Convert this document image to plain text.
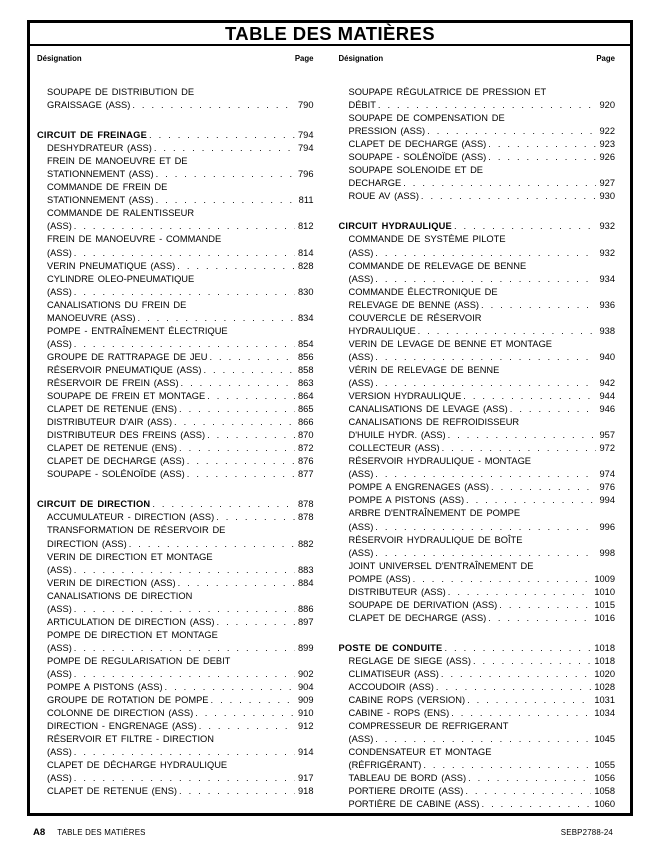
TABLE DES MATIÈRES
Désignation	Page
SOUPAPE DE DISTRIBUTION DE
GRAISSAGE (ASS) . . .	790
CIRCUIT DE FREINAGE . . .	794
DESHYDRATEUR (ASS) . . .	794
FREIN DE MANOEUVRE ET DE
STATIONNEMENT (ASS) . . .	796
COMMANDE DE FREIN DE
STATIONNEMENT (ASS) . . .	811
COMMANDE DE RALENTISSEUR
(ASS) . . .	812
FREIN DE MANOEUVRE - COMMANDE
(ASS) . . .	814
VERIN PNEUMATIQUE (ASS) . . .	828
CYLINDRE OLEO-PNEUMATIQUE
(ASS) . . .	830
CANALISATIONS DU FREIN DE
MANOEUVRE (ASS) . . .	834
POMPE - ENTRAÎNEMENT ÉLECTRIQUE
(ASS) . . .	854
GROUPE DE RATTRAPAGE DE JEU . . .	856
RÉSERVOIR PNEUMATIQUE (ASS) . . .	858
RÉSERVOIR DE FREIN (ASS) . . .	863
SOUPAPE DE FREIN ET MONTAGE . . .	864
CLAPET DE RETENUE (ENS) . . .	865
DISTRIBUTEUR D'AIR (ASS) . . .	866
DISTRIBUTEUR DES FREINS (ASS) . . .	870
CLAPET DE RETENUE (ENS) . . .	872
CLAPET DE DECHARGE (ASS) . . .	876
SOUPAPE - SOLÉNOÏDE (ASS) . . .	877
CIRCUIT DE DIRECTION . . .	878
ACCUMULATEUR - DIRECTION (ASS) . . .	878
TRANSFORMATION DE RÉSERVOIR DE
DIRECTION (ASS) . . .	882
VERIN DE DIRECTION ET MONTAGE
(ASS) . . .	883
VERIN DE DIRECTION (ASS) . . .	884
CANALISATIONS DE DIRECTION
(ASS) . . .	886
ARTICULATION DE DIRECTION (ASS) . . .	897
POMPE DE DIRECTION ET MONTAGE
(ASS) . . .	899
POMPE DE REGULARISATION DE DEBIT
(ASS) . . .	902
POMPE A PISTONS (ASS) . . .	904
GROUPE DE ROTATION DE POMPE . . .	909
COLONNE DE DIRECTION (ASS) . . .	910
DIRECTION - ENGRENAGE (ASS) . . .	912
RÉSERVOIR ET FILTRE - DIRECTION
(ASS) . . .	914
CLAPET DE DÉCHARGE HYDRAULIQUE
(ASS) . . .	917
CLAPET DE RETENUE (ENS) . . .	918
Désignation	Page
SOUPAPE RÉGULATRICE DE PRESSION ET
DÉBIT . . .	920
SOUPAPE DE COMPENSATION DE
PRESSION (ASS) . . .	922
CLAPET DE DECHARGE (ASS) . . .	923
SOUPAPE - SOLÉNOÏDE (ASS) . . .	926
SOUPAPE SOLENOIDE ET DE
DECHARGE . . .	927
ROUE AV (ASS) . . .	930
CIRCUIT HYDRAULIQUE . . .	932
COMMANDE DE SYSTÈME PILOTE
(ASS) . . .	932
COMMANDE DE RELEVAGE DE BENNE
(ASS) . . .	934
COMMANDE ÉLECTRONIQUE DE
RELEVAGE DE BENNE (ASS) . . .	936
COUVERCLE DE RÉSERVOIR
HYDRAULIQUE . . .	938
VERIN DE LEVAGE DE BENNE ET MONTAGE
(ASS) . . .	940
VÉRIN DE RELEVAGE DE BENNE
(ASS) . . .	942
VERSION HYDRAULIQUE . . .	944
CANALISATIONS DE LEVAGE (ASS) . . .	946
CANALISATIONS DE REFROIDISSEUR
D'HUILE HYDR. (ASS) . . .	957
COLLECTEUR (ASS) . . .	972
RÉSERVOIR HYDRAULIQUE - MONTAGE
(ASS) . . .	974
POMPE A ENGRENAGES (ASS) . . .	976
POMPE A PISTONS (ASS) . . .	994
ARBRE D'ENTRAÎNEMENT DE POMPE
(ASS) . . .	996
RÉSERVOIR HYDRAULIQUE DE BOÎTE
(ASS) . . .	998
JOINT UNIVERSEL D'ENTRAÎNEMENT DE
POMPE (ASS) . . .	1009
DISTRIBUTEUR (ASS) . . .	1010
SOUPAPE DE DERIVATION (ASS) . . .	1015
CLAPET DE DECHARGE (ASS) . . .	1016
POSTE DE CONDUITE . . .	1018
REGLAGE DE SIEGE (ASS) . . .	1018
CLIMATISEUR (ASS) . . .	1020
ACCOUDOIR (ASS) . . .	1028
CABINE ROPS (VERSION) . . .	1031
CABINE - ROPS (ENS) . . .	1034
COMPRESSEUR DE REFRIGERANT
(ASS) . . .	1045
CONDENSATEUR ET MONTAGE
(RÉFRIGÉRANT) . . .	1055
TABLEAU DE BORD (ASS) . . .	1056
PORTIERE DROITE (ASS) . . .	1058
PORTIÈRE DE CABINE (ASS) . . .	1060
A8 TABLE DES MATIÈRES	SEBP2788-24
